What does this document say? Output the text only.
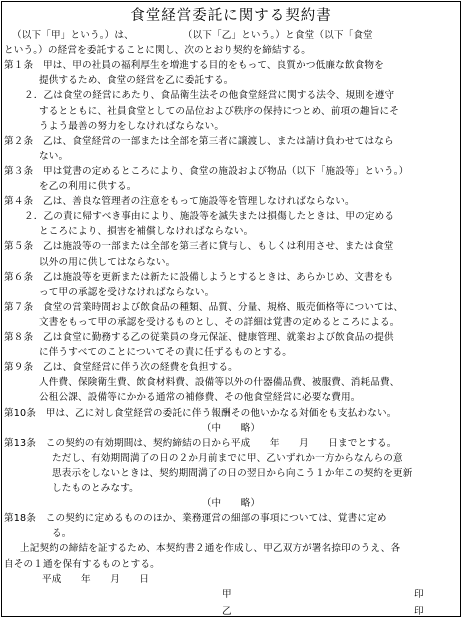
食堂経営委託に関する契約書
（以下「甲」という。）は、　　　　　　（以下「乙」という。）と食堂（以下「食堂
という。）の経営を委託することに関し、次のとおり契約を締結する。
第１条　甲は、甲の社員の福利厚生を増進する目的をもって、良質かつ低廉な飲食物を
提供するため、食堂の経営を乙に委託する。
２．乙は食堂の経営にあたり、食品衛生法その他食堂経営に関する法令、規則を遵守
するとともに、社員食堂としての品位および秩序の保持につとめ、前項の趣旨にそ
うよう最善の努力をしなければならない。
第２条　乙は、食堂経営の一部または全部を第三者に譲渡し、または請け負わせてはなら
ない。
第３条　甲は覚書の定めるところにより、食堂の施設および物品（以下「施設等」という。）
を乙の利用に供する。
第４条　乙は、善良な管理者の注意をもって施設等を管理しなければならない。
２．乙の責に帰すべき事由により、施設等を滅失または損傷したときは、甲の定める
ところにより、損害を補償しなければならない。
第５条　乙は施設等の一部または全部を第三者に貸与し、もしくは利用させ、または食堂
以外の用に供してはならない。
第６条　乙は施設等を更新または新たに設備しようとするときは、あらかじめ、文書をも
って甲の承認を受けなければならない。
第７条　食堂の営業時間および飲食品の種類、品質、分量、規格、販売価格等については、
文書をもって甲の承認を受けるものとし、その詳細は覚書の定めるところによる。
第８条　乙は食堂に勤務する乙の従業員の身元保証、健康管理、就業および飲食品の提供
に伴うすべてのことについてその責に任ずるものとする。
第９条　乙は、食堂経営に伴う次の経費を負担する。
人件費、保険衛生費、飲食材料費、設備等以外の什器備品費、被服費、消耗品費、
公租公課、設備等にかかる通常の補修費、その他食堂経営に必要な費用。
第10条　甲は、乙に対し食堂経営の委託に伴う報酬その他いかなる対価をも支払わない。
（中　　略）
第13条　この契約の有効期間は、契約締結の日から平成　　年　　月　　日までとする。
ただし、有効期間満了の日の２か月前までに甲、乙いずれか一方からなんらの意
思表示をしないときは、契約期間満了の日の翌日から向こう１か年この契約を更新
したものとみなす。
（中　　略）
第18条　この契約に定めるもののほか、業務運営の細部の事項については、覚書に定め
る。
上記契約の締結を証するため、本契約書２通を作成し、甲乙双方が署名捺印のうえ、各
自その１通を保有するものとする。
平成　　年　　月　　日
甲	印
乙	印
